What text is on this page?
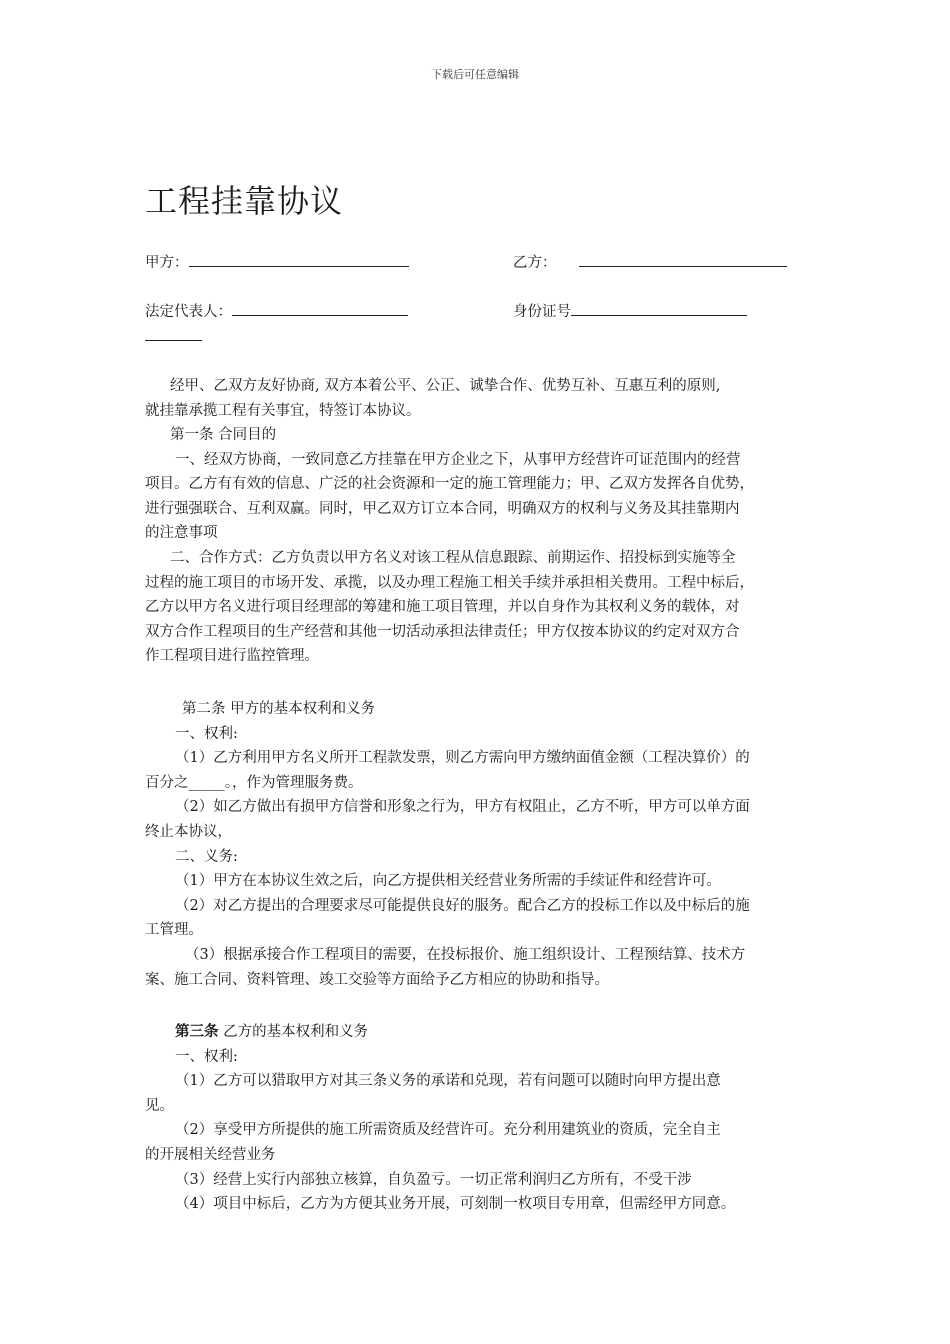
下载后可任意编辑
工程挂靠协议
甲方：	乙方：
法定代表人：	身份证号
经甲、乙双方友好协商, 双方本着公平、公正、诚挚合作、优势互补、互惠互利的原则,
就挂靠承揽工程有关事宜，特签订本协议。
第一条 合同目的
一、经双方协商，一致同意乙方挂靠在甲方企业之下，从事甲方经营许可证范围内的经营
项目。乙方有有效的信息、广泛的社会资源和一定的施工管理能力；甲、乙双方发挥各自优势，
进行强强联合、互利双赢。同时，甲乙双方订立本合同，明确双方的权利与义务及其挂靠期内
的注意事项
二、合作方式：乙方负责以甲方名义对该工程从信息跟踪、前期运作、招投标到实施等全
过程的施工项目的市场开发、承揽，以及办理工程施工相关手续并承担相关费用。工程中标后，
乙方以甲方名义进行项目经理部的筹建和施工项目管理，并以自身作为其权利义务的载体，对
双方合作工程项目的生产经营和其他一切活动承担法律责任；甲方仅按本协议的约定对双方合
作工程项目进行监控管理。
第二条 甲方的基本权利和义务
一、权利:
（1）乙方利用甲方名义所开工程款发票，则乙方需向甲方缴纳面值金额（工程决算价）的
百分之_____。，作为管理服务费。
（2）如乙方做出有损甲方信誉和形象之行为，甲方有权阻止，乙方不听，甲方可以单方面
终止本协议，
二、义务:
（1）甲方在本协议生效之后，向乙方提供相关经营业务所需的手续证件和经营许可。
（2）对乙方提出的合理要求尽可能提供良好的服务。配合乙方的投标工作以及中标后的施
工管理。
（3）根据承接合作工程项目的需要，在投标报价、施工组织设计、工程预结算、技术方
案、施工合同、资料管理、竣工交验等方面给予乙方相应的协助和指导。
第三条 乙方的基本权利和义务
一、权利:
（1）乙方可以猎取甲方对其三条义务的承诺和兑现，若有问题可以随时向甲方提出意
见。
（2）享受甲方所提供的施工所需资质及经营许可。充分利用建筑业的资质，完全自主
的开展相关经营业务
（3）经营上实行内部独立核算，自负盈亏。一切正常利润归乙方所有，不受干涉
（4）项目中标后，乙方为方便其业务开展，可刻制一枚项目专用章，但需经甲方同意。
